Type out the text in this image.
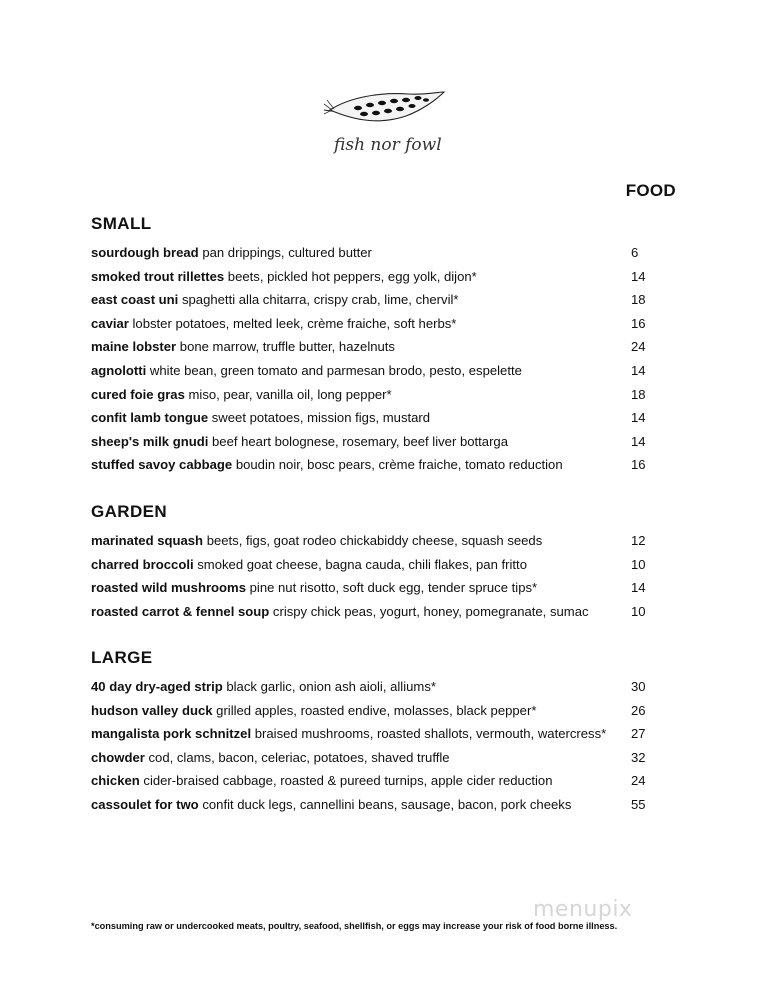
fish nor fowl
FOOD
SMALL
sourdough bread pan drippings, cultured butter	6
smoked trout rillettes beets, pickled hot peppers, egg yolk, dijon*	14
east coast uni spaghetti alla chitarra, crispy crab, lime, chervil*	18
caviar lobster potatoes, melted leek, crème fraiche, soft herbs*	16
maine lobster bone marrow, truffle butter, hazelnuts	24
agnolotti white bean, green tomato and parmesan brodo, pesto, espelette	14
cured foie gras miso, pear, vanilla oil, long pepper*	18
confit lamb tongue sweet potatoes, mission figs, mustard	14
sheep's milk gnudi beef heart bolognese, rosemary, beef liver bottarga	14
stuffed savoy cabbage boudin noir, bosc pears, crème fraiche, tomato reduction	16
GARDEN
marinated squash beets, figs, goat rodeo chickabiddy cheese, squash seeds	12
charred broccoli smoked goat cheese, bagna cauda, chili flakes, pan fritto	10
roasted wild mushrooms pine nut risotto, soft duck egg, tender spruce tips*	14
roasted carrot & fennel soup crispy chick peas, yogurt, honey, pomegranate, sumac	10
LARGE
40 day dry-aged strip black garlic, onion ash aioli, alliums*	30
hudson valley duck grilled apples, roasted endive, molasses, black pepper*	26
mangalista pork schnitzel braised mushrooms, roasted shallots, vermouth, watercress* 27
chowder cod, clams, bacon, celeriac, potatoes, shaved truffle	32
chicken cider-braised cabbage, roasted & pureed turnips, apple cider reduction	24
cassoulet for two confit duck legs, cannellini beans, sausage, bacon, pork cheeks	55
menupix
*consuming raw or undercooked meats, poultry, seafood, shellfish, or eggs may increase your risk of food borne illness.
